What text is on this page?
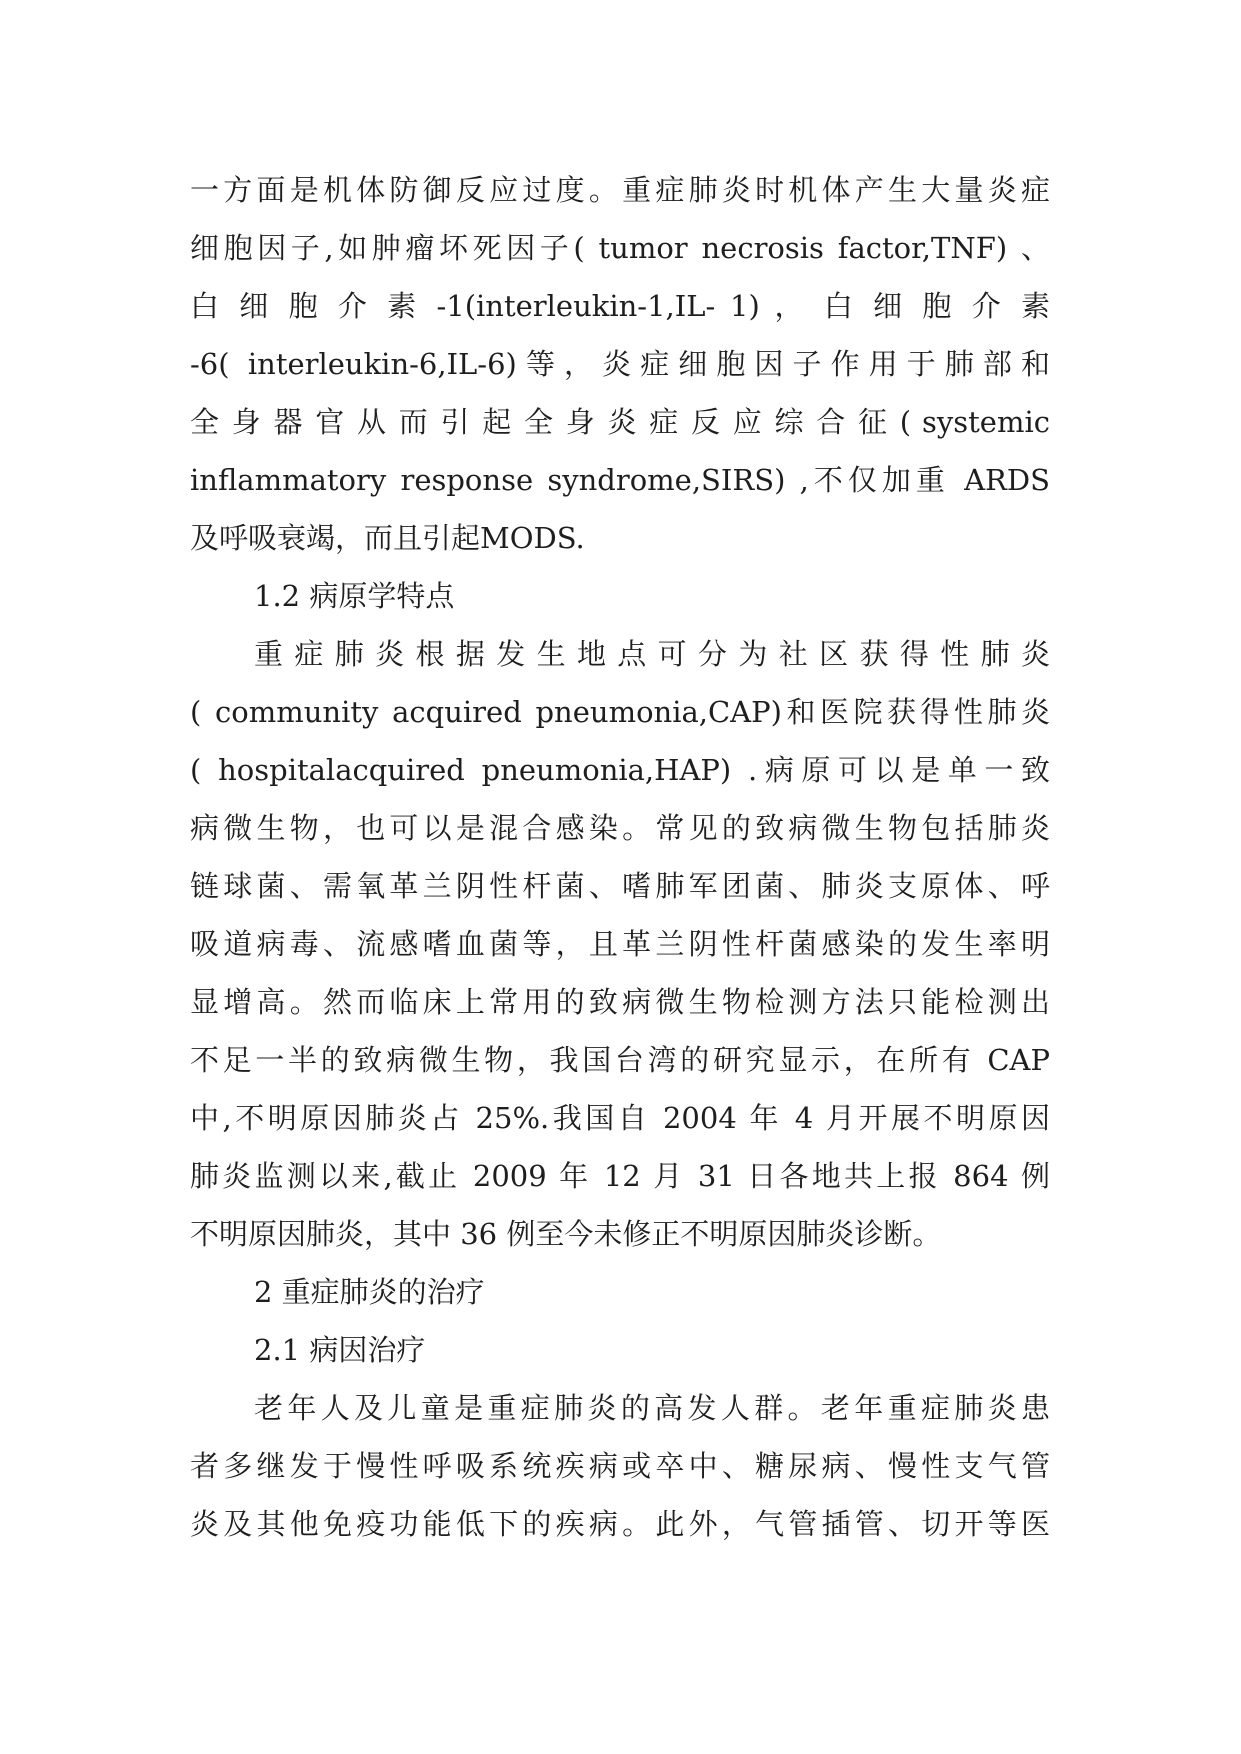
一方面是机体防御反应过度。重症肺炎时机体产生大量炎症
细胞因子,如肿瘤坏死因子( tumor necrosis factor,TNF) 、
白 细 胞 介 素 -1(interleukin-1,IL- 1) ， 白 细 胞 介 素
-6( interleukin-6,IL-6)等，炎症细胞因子作用于肺部和
全 身 器 官 从 而 引 起 全 身 炎 症 反 应 综 合 征 ( systemic
inflammatory response syndrome,SIRS) ,不仅加重 ARDS
及呼吸衰竭，而且引起MODS.
1.2 病原学特点
重 症 肺 炎 根 据 发 生 地 点 可 分 为 社 区 获 得 性 肺 炎
( community acquired pneumonia,CAP)和医院获得性肺炎
( hospitalacquired pneumonia,HAP) .病原可以是单一致
病微生物，也可以是混合感染。常见的致病微生物包括肺炎
链球菌、需氧革兰阴性杆菌、嗜肺军团菌、肺炎支原体、呼
吸道病毒、流感嗜血菌等，且革兰阴性杆菌感染的发生率明
显增高。然而临床上常用的致病微生物检测方法只能检测出
不足一半的致病微生物，我国台湾的研究显示，在所有 CAP
中,不明原因肺炎占 25%.我国自 2004 年 4 月开展不明原因
肺炎监测以来,截止 2009 年 12 月 31 日各地共上报 864 例
不明原因肺炎，其中 36 例至今未修正不明原因肺炎诊断。
2 重症肺炎的治疗
2.1 病因治疗
老年人及儿童是重症肺炎的高发人群。老年重症肺炎患
者多继发于慢性呼吸系统疾病或卒中、糖尿病、慢性支气管
炎及其他免疫功能低下的疾病。此外，气管插管、切开等医
